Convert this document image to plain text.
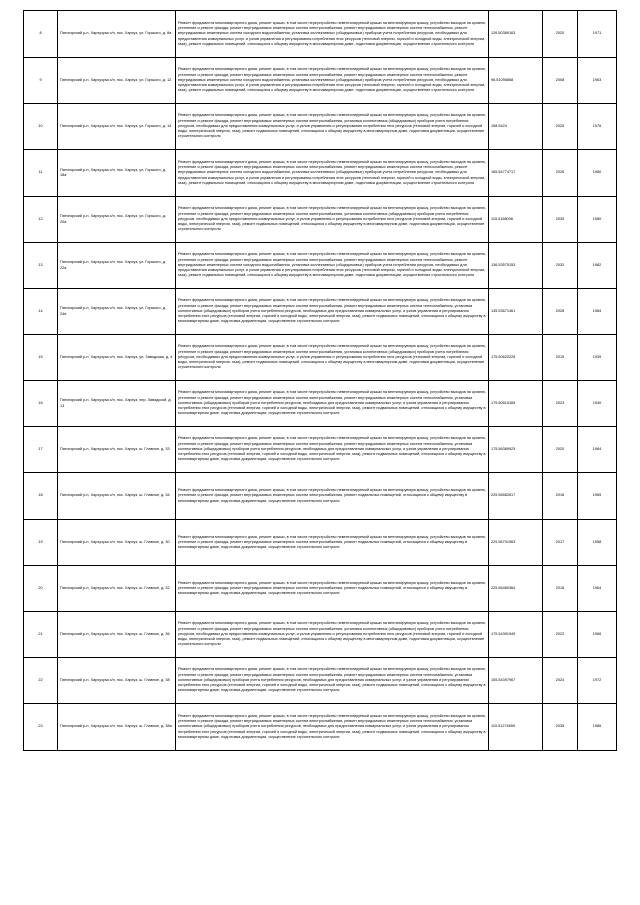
8	Пятигорский р-н, Хархузуза с/п, пос. Хархуз, ул. Горького, д. 8а	Ремонт фундамента многоквартирного дома, ремонт крыши, в том числе переустройство невентилируемой крыши на вентилируемую крышу, устройство выходов на кровлю, утепление и ремонт фасада, ремонт внутридомовых инженерных систем электроснабжения, ремонт внутридомовых инженерных систем теплоснабжения, ремонт внутридомовых инженерных систем холодного водоснабжения, установка коллективных (общедомовых) приборов учета потребления ресурсов, необходимых для предоставления коммунальных услуг, и узлов управления и регулирования потребления этих ресурсов (тепловой энергии, горячей и холодной воды, электрической энергии, газа), ремонт подвальных помещений, относящихся к общему имуществу в многоквартирном доме, подготовка документации, осуществление строительного контроля	126.50389163	2020	1971
9	Пятигорский р-н, Хархузуза с/п, пос. Хархуз, ул. Горького, д. 12	Ремонт фундамента многоквартирного дома, ремонт крыши, в том числе переустройство невентилируемой крыши на вентилируемую крышу, устройство выходов на кровлю, утепление и ремонт фасада, ремонт внутридомовых инженерных систем электроснабжения, ремонт внутридомовых инженерных систем теплоснабжения, ремонт внутридомовых инженерных систем холодного водоснабжения, установка коллективных (общедомовых) приборов учета потребления ресурсов, необходимых для предоставления коммунальных услуг, и узлов управления и регулирования потребления этих ресурсов (тепловой энергии, горячей и холодной воды, электрической энергии, газа), ремонт подвальных помещений, относящихся к общему имуществу в многоквартирном доме, подготовка документации, осуществление строительного контроля	96.51096868	2008	1963
10	Пятигорский р-н, Хархузуза с/п, пос. Хархуз, ул. Горького, д. 14	Ремонт фундамента многоквартирного дома, ремонт крыши, в том числе переустройство невентилируемой крыши на вентилируемую крышу, устройство выходов на кровлю, утепление и ремонт фасада, ремонт внутридомовых инженерных систем электроснабжения, установка коллективных (общедомовых) приборов учета потребления ресурсов, необходимых для предоставления коммунальных услуг, и узлов управления и регулирования потребления этих ресурсов (тепловой энергии, горячей и холодной воды, электрической энергии, газа), ремонт подвальных помещений, относящихся к общему имуществу в многоквартирном доме, подготовка документации, осуществление строительного контроля	158.5424	2025	1976
11	Пятигорский р-н, Хархузуза с/п, пос. Хархуз, ул. Горького, д. 18а	Ремонт фундамента многоквартирного дома, ремонт крыши, в том числе переустройство невентилируемой крыши на вентилируемую крышу, устройство выходов на кровлю, утепление и ремонт фасада, ремонт внутридомовых инженерных систем электроснабжения, ремонт внутридомовых инженерных систем теплоснабжения, ремонт внутридомовых инженерных систем холодного водоснабжения, установка коллективных (общедомовых) приборов учета потребления ресурсов, необходимых для предоставления коммунальных услуг, и узлов управления и регулирования потребления этих ресурсов (тепловой энергии, горячей и холодной воды, электрической энергии, газа), ремонт подвальных помещений, относящихся к общему имуществу в многоквартирном доме, подготовка документации, осуществление строительного контроля	165.54774717	2026	1980
12	Пятигорский р-н, Хархузуза с/п, пос. Хархуз, ул. Горького, д. 20а	Ремонт фундамента многоквартирного дома, ремонт крыши, в том числе переустройство невентилируемой крыши на вентилируемую крышу, устройство выходов на кровлю, утепление и ремонт фасада, ремонт внутридомовых инженерных систем электроснабжения, установка коллективных (общедомовых) приборов учета потребления ресурсов, необходимых для предоставления коммунальных услуг, и узлов управления и регулирования потребления этих ресурсов (тепловой энергии, горячей и холодной воды, электрической энергии, газа), ремонт подвальных помещений, относящихся к общему имуществу в многоквартирном доме, подготовка документации, осуществление строительного контроля	115.5168098	2035	1980
13	Пятигорский р-н, Хархузуза с/п, пос. Хархуз, ул. Горького, д. 22а	Ремонт фундамента многоквартирного дома, ремонт крыши, в том числе переустройство невентилируемой крыши на вентилируемую крышу, устройство выходов на кровлю, утепление и ремонт фасада, ремонт внутридомовых инженерных систем электроснабжения, ремонт внутридомовых инженерных систем теплоснабжения, ремонт внутридомовых инженерных систем холодного водоснабжения, установка коллективных (общедомовых) приборов учета потребления ресурсов, необходимых для предоставления коммунальных услуг, и узлов управления и регулирования потребления этих ресурсов (тепловой энергии, горячей и холодной воды, электрической энергии, газа), ремонт подвальных помещений, относящихся к общему имуществу в многоквартирном доме, подготовка документации, осуществление строительного контроля	136.53575153	2032	1982
14	Пятигорский р-н, Хархузуза с/п, пос. Хархуз, ул. Горького, д. 24а	Ремонт фундамента многоквартирного дома, ремонт крыши, в том числе переустройство невентилируемой крыши на вентилируемую крышу, устройство выходов на кровлю, утепление и ремонт фасада, ремонт внутридомовых инженерных систем электроснабжения, ремонт внутридомовых инженерных систем теплоснабжения, установка коллективных (общедомовых) приборов учета потребления ресурсов, необходимых для предоставления коммунальных услуг, и узлов управления и регулирования потребления этих ресурсов (тепловой энергии, горячей и холодной воды, электрической энергии, газа), ремонт подвальных помещений, относящихся к общему имуществу в многоквартирном доме, подготовка документации, осуществление строительного контроля	135.53671461	2028	1984
15	Пятигорский р-н, Хархузуза с/п, пос. Хархуз, ул. Заводская, д. 4	Ремонт фундамента многоквартирного дома, ремонт крыши, в том числе переустройство невентилируемой крыши на вентилируемую крышу, устройство выходов на кровлю, утепление и ремонт фасада, ремонт внутридомовых инженерных систем электроснабжения, установка коллективных (общедомовых) приборов учета потребления ресурсов, необходимых для предоставления коммунальных услуг, и узлов управления и регулирования потребления этих ресурсов (тепловой энергии, горячей и холодной воды, электрической энергии, газа), ремонт подвальных помещений, относящихся к общему имуществу в многоквартирном доме, подготовка документации, осуществление строительного контроля	175.50620226	2019	1939
16	Пятигорский р-н, Хархузуза с/п, пос. Хархуз, пер. Заводской, д. 13	Ремонт фундамента многоквартирного дома, ремонт крыши, в том числе переустройство невентилируемой крыши на вентилируемую крышу, устройство выходов на кровлю, утепление и ремонт фасада, ремонт внутридомовых инженерных систем электроснабжения, ремонт внутридомовых инженерных систем теплоснабжения, установка коллективных (общедомовых) приборов учета потребления ресурсов, необходимых для предоставления коммунальных услуг, и узлов управления и регулирования потребления этих ресурсов (тепловой энергии, горячей и холодной воды, электрической энергии, газа), ремонт подвальных помещений, относящихся к общему имуществу в многоквартирном доме, подготовка документации, осуществление строительного контроля	175.50515165	2023	1940
17	Пятигорский р-н, Хархузуза с/п, пос. Хархуз, ш. Главное, д. 33	Ремонт фундамента многоквартирного дома, ремонт крыши, в том числе переустройство невентилируемой крыши на вентилируемую крышу, устройство выходов на кровлю, утепление и ремонт фасада, ремонт внутридомовых инженерных систем электроснабжения, ремонт внутридомовых инженерных систем теплоснабжения, установка коллективных (общедомовых) приборов учета потребления ресурсов, необходимых для предоставления коммунальных услуг, и узлов управления и регулирования потребления этих ресурсов (тепловой энергии, горячей и холодной воды, электрической энергии, газа), ремонт подвальных помещений, относящихся к общему имуществу в многоквартирном доме, подготовка документации, осуществление строительного контроля	175.56389923	2020	1984
18	Пятигорский р-н, Хархузуза с/п, пос. Хархуз, ш. Главное, д. 34	Ремонт фундамента многоквартирного дома, ремонт крыши, в том числе переустройство невентилируемой крыши на вентилируемую крышу, устройство выходов на кровлю, утепление и ремонт фасада, ремонт внутридомовых инженерных систем электроснабжения, ремонт подвальных помещений, относящихся к общему имуществу в многоквартирном доме, подготовка документации, осуществление строительного контроля	225.56582617	2016	1965
19	Пятигорский р-н, Хархузуза с/п, пос. Хархуз, ш. Главное, д. 30	Ремонт фундамента многоквартирного дома, ремонт крыши, в том числе переустройство невентилируемой крыши на вентилируемую крышу, устройство выходов на кровлю, утепление и ремонт фасада, ремонт внутридомовых инженерных систем электроснабжения, ремонт подвальных помещений, относящихся к общему имуществу в многоквартирном доме, подготовка документации, осуществление строительного контроля	225.56701963	2017	1958
20	Пятигорский р-н, Хархузуза с/п, пос. Хархуз, ш. Главное, д. 32	Ремонт фундамента многоквартирного дома, ремонт крыши, в том числе переустройство невентилируемой крыши на вентилируемую крышу, устройство выходов на кровлю, утепление и ремонт фасада, ремонт внутридомовых инженерных систем электроснабжения, ремонт подвальных помещений, относящихся к общему имуществу в многоквартирном доме, подготовка документации, осуществление строительного контроля	225.56480364	2018	1964
21	Пятигорский р-н, Хархузуза с/п, пос. Хархуз, ш. Главное, д. 36	Ремонт фундамента многоквартирного дома, ремонт крыши, в том числе переустройство невентилируемой крыши на вентилируемую крышу, устройство выходов на кровлю, утепление и ремонт фасада, ремонт внутридомовых инженерных систем электроснабжения, установка коллективных (общедомовых) приборов учета потребления ресурсов, необходимых для предоставления коммунальных услуг, и узлов управления и регулирования потребления этих ресурсов (тепловой энергии, горячей и холодной воды, электрической энергии, газа), ремонт подвальных помещений, относящихся к общему имуществу в многоквартирном доме, подготовка документации, осуществление строительного контроля	175.54391949	2022	1966
22	Пятигорский р-н, Хархузуза с/п, пос. Хархуз, ш. Главное, д. 38	Ремонт фундамента многоквартирного дома, ремонт крыши, в том числе переустройство невентилируемой крыши на вентилируемую крышу, устройство выходов на кровлю, утепление и ремонт фасада, ремонт внутридомовых инженерных систем электроснабжения, ремонт внутридомовых инженерных систем теплоснабжения, установка коллективных (общедомовых) приборов учета потребления ресурсов, необходимых для предоставления коммунальных услуг, и узлов управления и регулирования потребления этих ресурсов (тепловой энергии, горячей и холодной воды, электрической энергии, газа), ремонт подвальных помещений, относящихся к общему имуществу в многоквартирном доме, подготовка документации, осуществление строительного контроля	155.54397967	2024	1972
23	Пятигорский р-н, Хархузуза с/п, пос. Хархуз, ш. Главное, д. 38а	Ремонт фундамента многоквартирного дома, ремонт крыши, в том числе переустройство невентилируемой крыши на вентилируемую крышу, устройство выходов на кровлю, утепление и ремонт фасада, ремонт внутридомовых инженерных систем электроснабжения, ремонт внутридомовых инженерных систем теплоснабжения, установка коллективных (общедомовых) приборов учета потребления ресурсов, необходимых для предоставления коммунальных услуг, и узлов управления и регулирования потребления этих ресурсов (тепловой энергии, горячей и холодной воды, электрической энергии, газа), ремонт подвальных помещений, относящихся к общему имуществу в многоквартирном доме, подготовка документации, осуществление строительного контроля	115.51274659	2035	1986
